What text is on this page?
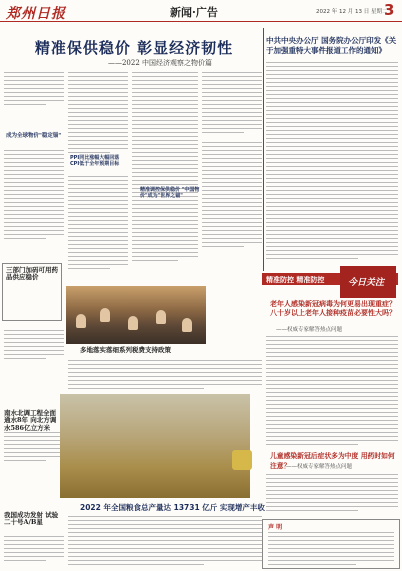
郑州日报	新闻·广告	2022 年 12 月 13 日 星期二
3
精准保供稳价 彰显经济韧性
——2022 中国经济观察之物价篇
成为全球物价"稳定锚"
三部门加码可用药品供应稳价
南水北调工程全面通水8年 向北方调水586亿立方米
我国成功发射 试验二十号A/B星
PPI同比涨幅大幅回落 CPI低于全年预期目标
精准调控保供稳价 "中国物价"成为"世界之锚"
多地落实落细系列税费支持政策
2022 年全国粮食总产量达 13731 亿斤 实现增产丰收
中共中央办公厅 国务院办公厅印发《关于加强重特大事件报道工作的通知》
精准防控 精准防控	今日关注
老年人感染新冠病毒为何更易出现重症？八十岁以上老年人接种疫苗必要性大吗？
——权威专家解答热点问题
儿童感染新冠后症状多为中度 用药时如何注意？
——权威专家解答热点问题
声 明
